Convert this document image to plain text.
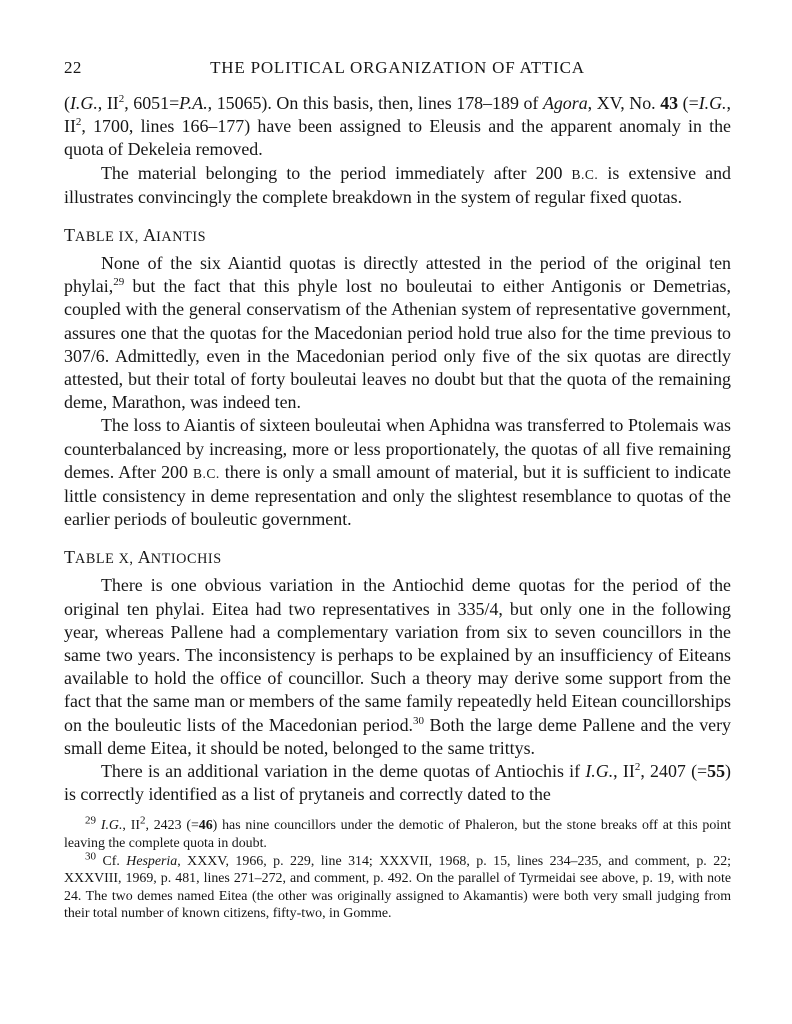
22	THE POLITICAL ORGANIZATION OF ATTICA

(I.G., $II^2$, 6051=P.A., 15065). On this basis, then, lines 178–189 of Agora, XV, No. 43 (=I.G., $II^2$, 1700, lines 166–177) have been assigned to Eleusis and the apparent anomaly in the quota of Dekeleia removed.

The material belonging to the period immediately after 200 B.C. is extensive and illustrates convincingly the complete breakdown in the system of regular fixed quotas.

TABLE IX, AIANTIS

None of the six Aiantid quotas is directly attested in the period of the original ten phylai,$^{29}$ but the fact that this phyle lost no bouleutai to either Antigonis or Demetrias, coupled with the general conservatism of the Athenian system of representative government, assures one that the quotas for the Macedonian period hold true also for the time previous to 307/6. Admittedly, even in the Macedonian period only five of the six quotas are directly attested, but their total of forty bouleutai leaves no doubt but that the quota of the remaining deme, Marathon, was indeed ten.

The loss to Aiantis of sixteen bouleutai when Aphidna was transferred to Ptolemais was counterbalanced by increasing, more or less proportionately, the quotas of all five remaining demes. After 200 B.C. there is only a small amount of material, but it is sufficient to indicate little consistency in deme representation and only the slightest resemblance to quotas of the earlier periods of bouleutic government.

TABLE X, ANTIOCHIS

There is one obvious variation in the Antiochid deme quotas for the period of the original ten phylai. Eitea had two representatives in 335/4, but only one in the following year, whereas Pallene had a complementary variation from six to seven councillors in the same two years. The inconsistency is perhaps to be explained by an insufficiency of Eiteans available to hold the office of councillor. Such a theory may derive some support from the fact that the same man or members of the same family repeatedly held Eitean councillorships on the bouleutic lists of the Macedonian period.$^{30}$ Both the large deme Pallene and the very small deme Eitea, it should be noted, belonged to the same trittys.

There is an additional variation in the deme quotas of Antiochis if I.G., $II^2$, 2407 (=55) is correctly identified as a list of prytaneis and correctly dated to the

$^{29}$ I.G., $II^2$, 2423 (=46) has nine councillors under the demotic of Phaleron, but the stone breaks off at this point leaving the complete quota in doubt.

$^{30}$ Cf. Hesperia, XXXV, 1966, p. 229, line 314; XXXVII, 1968, p. 15, lines 234–235, and comment, p. 22; XXXVIII, 1969, p. 481, lines 271–272, and comment, p. 492. On the parallel of Tyrmeidai see above, p. 19, with note 24. The two demes named Eitea (the other was originally assigned to Akamantis) were both very small judging from their total number of known citizens, fifty-two, in Gomme.
